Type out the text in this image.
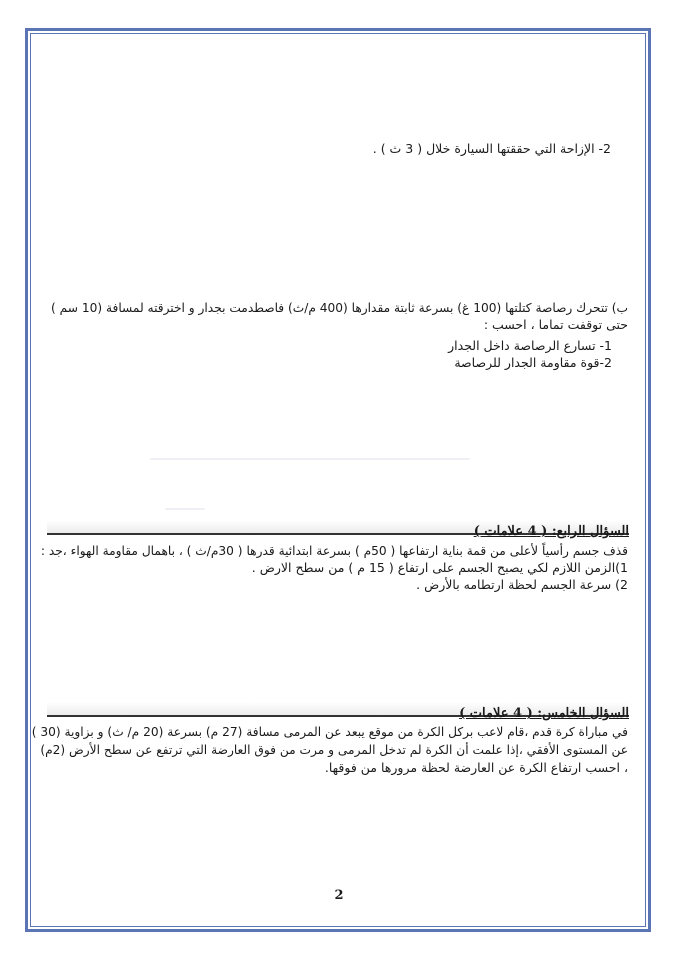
2- الإزاحة التي حققتها السيارة خلال ( 3 ث ) .
ب) تتحرك رصاصة كتلتها (100 غ) بسرعة ثابتة مقدارها (400 م/ث) فاصطدمت بجدار و اخترقته لمسافة (10 سم )
حتى توقفت تماما ، احسب :
1- تسارع الرصاصة داخل الجدار
2-قوة مقاومة الجدار للرصاصة
السؤال الرابع: ( 4 علامات )
قذف جسم رأسياً لأعلى من قمة بناية ارتفاعها ( 50م ) بسرعة ابتدائية قدرها ( 30م/ث ) ، باهمال مقاومة الهواء ،جد :
1)الزمن اللازم لكي يصبح الجسم على ارتفاع ( 15 م ) من سطح الارض .
2) سرعة الجسم لحظة ارتطامه بالأرض .
السؤال الخامس: ( 4 علامات )
في مباراة كرة قدم ،قام لاعب بركل الكرة من موقع يبعد عن المرمى مسافة (27 م) بسرعة (20 م/ ث) و بزاوية (30 )
عن المستوى الأفقي ،إذا علمت أن الكرة لم تدخل المرمى و مرت من فوق العارضة التي ترتفع عن سطح الأرض (2م)
، احسب ارتفاع الكرة عن العارضة لحظة مرورها من فوقها.
2
